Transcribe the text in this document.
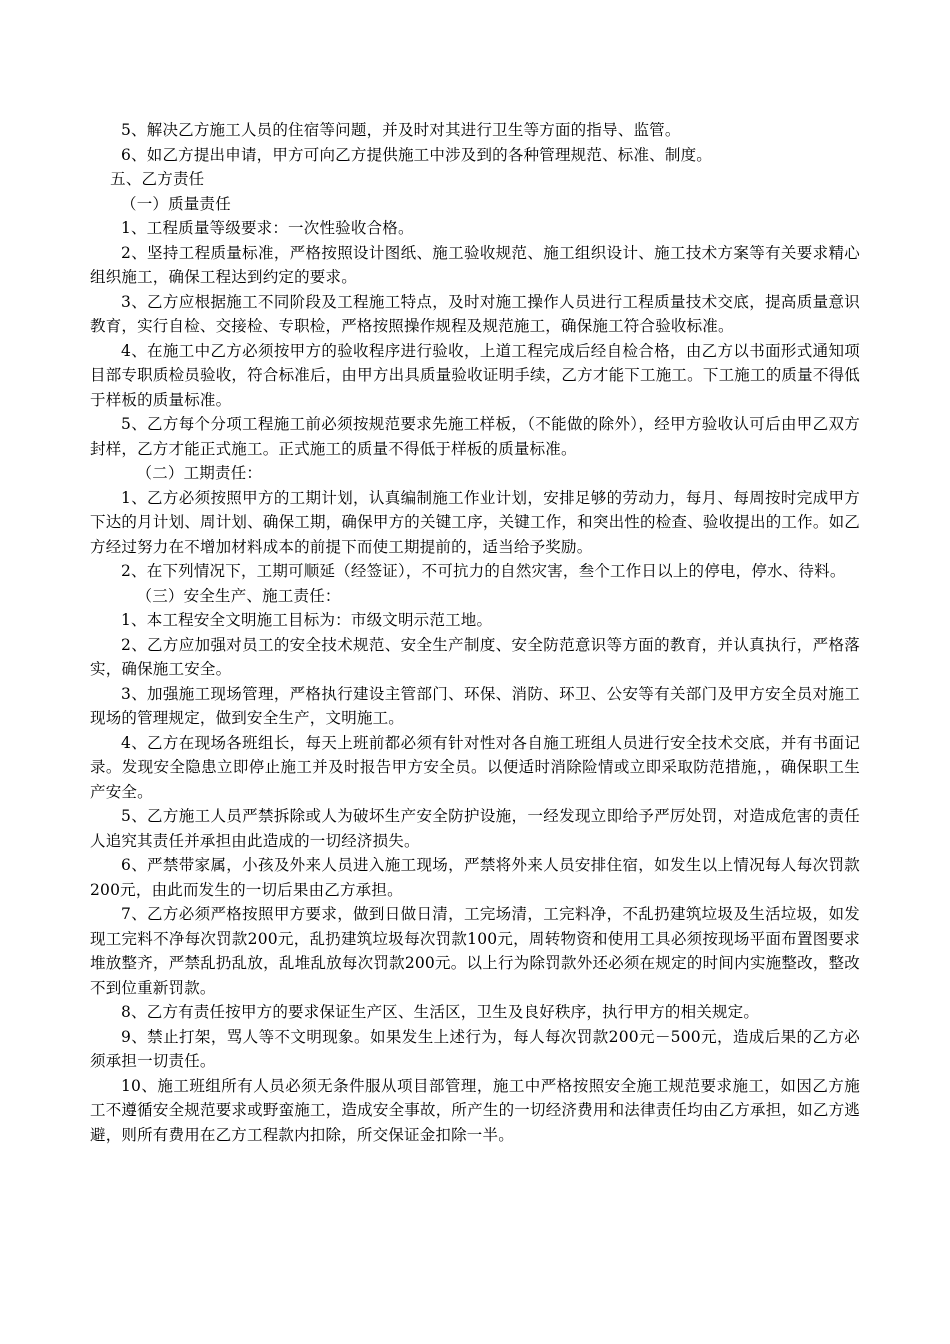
5、解决乙方施工人员的住宿等问题，并及时对其进行卫生等方面的指导、监管。

6、如乙方提出申请，甲方可向乙方提供施工中涉及到的各种管理规范、标准、制度。

五、乙方责任

（一）质量责任

1、工程质量等级要求：一次性验收合格。

2、坚持工程质量标准，严格按照设计图纸、施工验收规范、施工组织设计、施工技术方案等有关要求精心组织施工，确保工程达到约定的要求。

3、乙方应根据施工不同阶段及工程施工特点，及时对施工操作人员进行工程质量技术交底，提高质量意识教育，实行自检、交接检、专职检，严格按照操作规程及规范施工，确保施工符合验收标准。

4、在施工中乙方必须按甲方的验收程序进行验收，上道工程完成后经自检合格，由乙方以书面形式通知项目部专职质检员验收，符合标准后，由甲方出具质量验收证明手续，乙方才能下工施工。下工施工的质量不得低于样板的质量标准。

5、乙方每个分项工程施工前必须按规范要求先施工样板，（不能做的除外），经甲方验收认可后由甲乙双方封样，乙方才能正式施工。正式施工的质量不得低于样板的质量标准。

（二）工期责任：

1、乙方必须按照甲方的工期计划，认真编制施工作业计划，安排足够的劳动力，每月、每周按时完成甲方下达的月计划、周计划、确保工期，确保甲方的关键工序，关键工作，和突出性的检查、验收提出的工作。如乙方经过努力在不增加材料成本的前提下而使工期提前的，适当给予奖励。

2、在下列情况下，工期可顺延（经签证），不可抗力的自然灾害，叁个工作日以上的停电，停水、待料。

（三）安全生产、施工责任：

1、本工程安全文明施工目标为：市级文明示范工地。

2、乙方应加强对员工的安全技术规范、安全生产制度、安全防范意识等方面的教育，并认真执行，严格落实，确保施工安全。

3、加强施工现场管理，严格执行建设主管部门、环保、消防、环卫、公安等有关部门及甲方安全员对施工现场的管理规定，做到安全生产，文明施工。

4、乙方在现场各班组长，每天上班前都必须有针对性对各自施工班组人员进行安全技术交底，并有书面记录。发现安全隐患立即停止施工并及时报告甲方安全员。以便适时消除险情或立即采取防范措施，，确保职工生产安全。

5、乙方施工人员严禁拆除或人为破坏生产安全防护设施，一经发现立即给予严厉处罚，对造成危害的责任人追究其责任并承担由此造成的一切经济损失。

6、严禁带家属，小孩及外来人员进入施工现场，严禁将外来人员安排住宿，如发生以上情况每人每次罚款200元，由此而发生的一切后果由乙方承担。

7、乙方必须严格按照甲方要求，做到日做日清，工完场清，工完料净，不乱扔建筑垃圾及生活垃圾，如发现工完料不净每次罚款200元，乱扔建筑垃圾每次罚款100元，周转物资和使用工具必须按现场平面布置图要求堆放整齐，严禁乱扔乱放，乱堆乱放每次罚款200元。以上行为除罚款外还必须在规定的时间内实施整改，整改不到位重新罚款。

8、乙方有责任按甲方的要求保证生产区、生活区，卫生及良好秩序，执行甲方的相关规定。

9、禁止打架，骂人等不文明现象。如果发生上述行为，每人每次罚款200元－500元，造成后果的乙方必须承担一切责任。

10、施工班组所有人员必须无条件服从项目部管理，施工中严格按照安全施工规范要求施工，如因乙方施工不遵循安全规范要求或野蛮施工，造成安全事故，所产生的一切经济费用和法律责任均由乙方承担，如乙方逃避，则所有费用在乙方工程款内扣除，所交保证金扣除一半。
